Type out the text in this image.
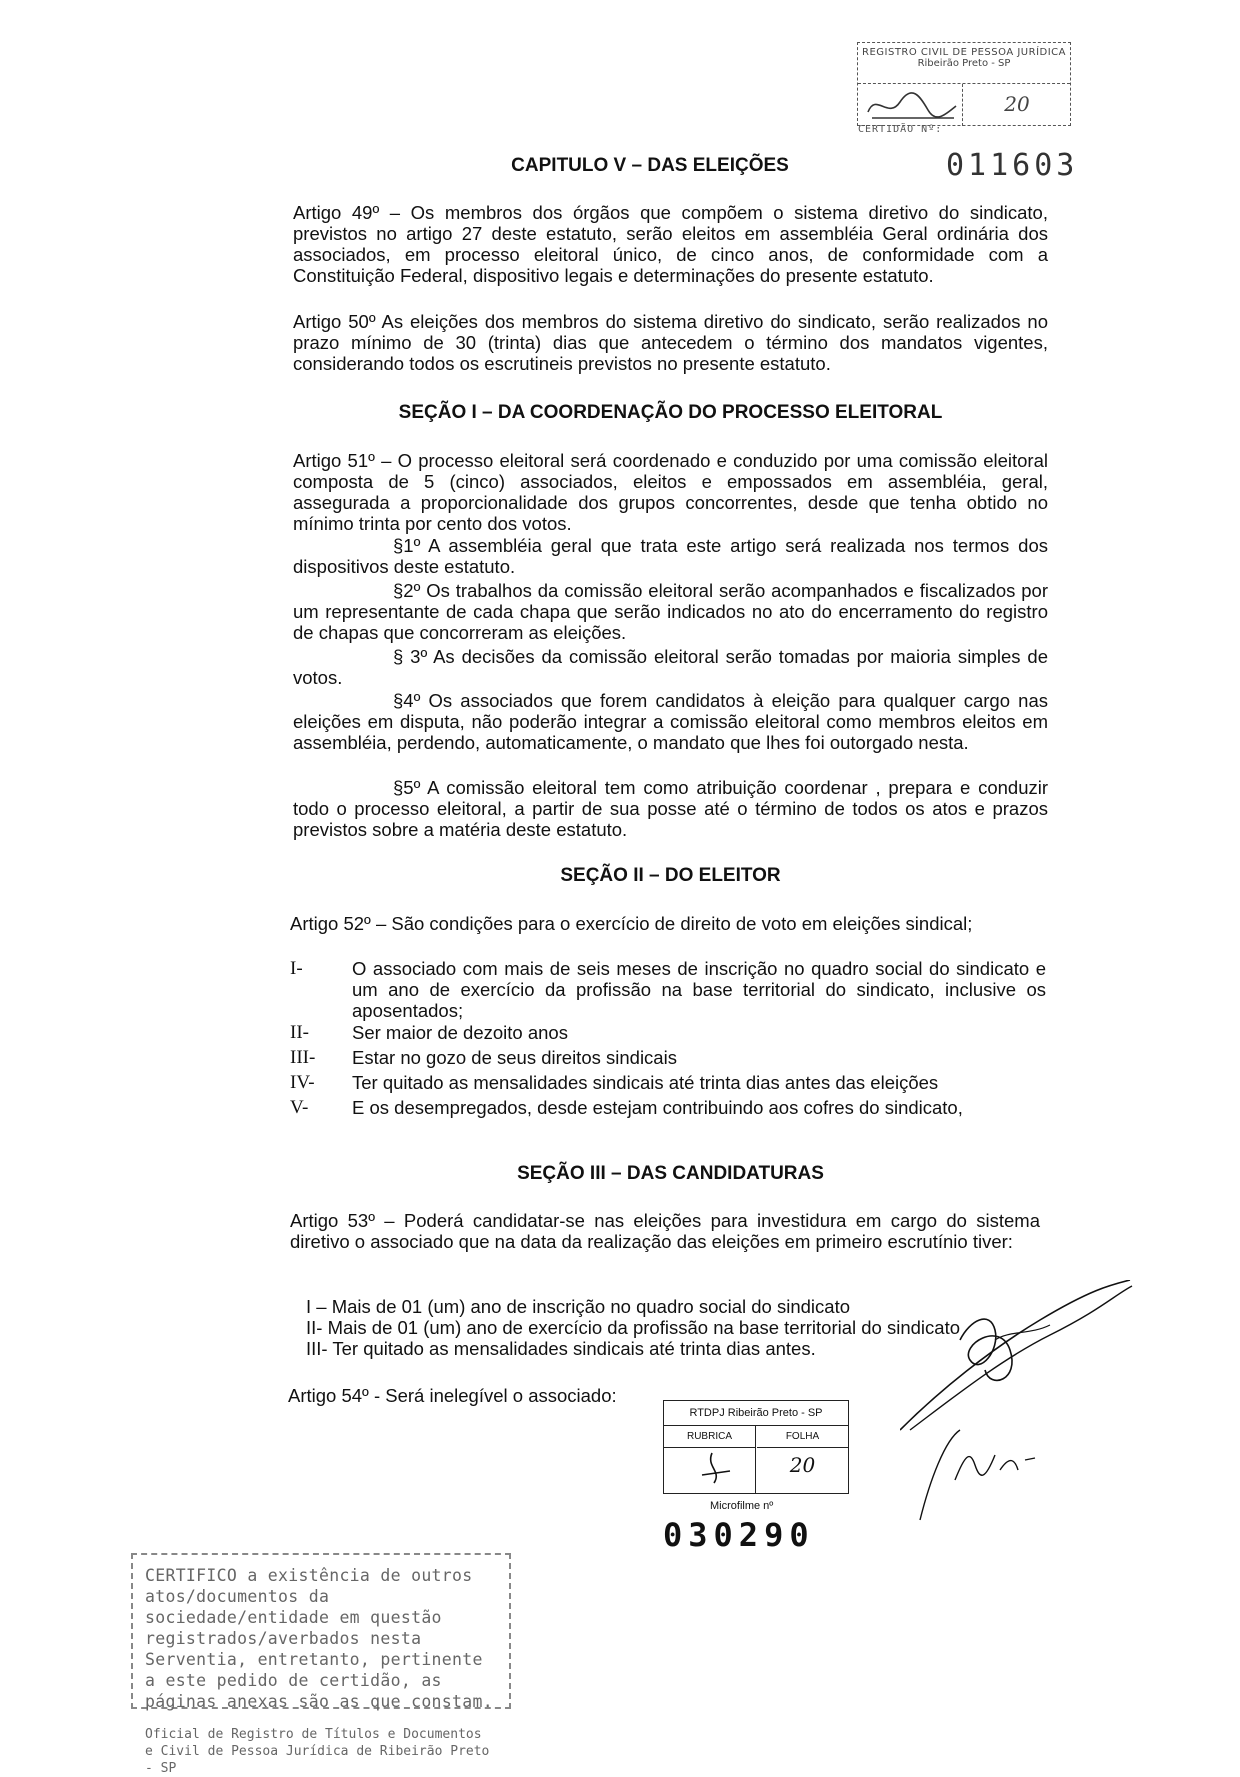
REGISTRO CIVIL DE PESSOA JURÍDICA
Ribeirão Preto - SP
20
CERTIDÃO Nº:
011603
CAPITULO V – DAS ELEIÇÕES
Artigo 49º – Os membros dos órgãos que compõem o sistema diretivo do sindicato, previstos no artigo 27 deste estatuto, serão eleitos em assembléia Geral ordinária dos associados, em processo eleitoral único, de cinco anos, de conformidade com a Constituição Federal, dispositivo legais e determinações do presente estatuto.
Artigo 50º As eleições dos membros do sistema diretivo do sindicato, serão realizados no prazo mínimo de 30 (trinta) dias que antecedem o término dos mandatos vigentes, considerando todos os escrutineis previstos no presente estatuto.
SEÇÃO I – DA COORDENAÇÃO DO PROCESSO ELEITORAL
Artigo 51º – O processo eleitoral será coordenado e conduzido por uma comissão eleitoral composta de 5 (cinco) associados, eleitos e empossados em assembléia, geral, assegurada a proporcionalidade dos grupos concorrentes, desde que tenha obtido no mínimo trinta por cento dos votos.
§1º A assembléia geral que trata este artigo será realizada nos termos dos dispositivos deste estatuto.
§2º Os trabalhos da comissão eleitoral serão acompanhados e fiscalizados por um representante de cada chapa que serão indicados no ato do encerramento do registro de chapas que concorreram as eleições.
§ 3º As decisões da comissão eleitoral serão tomadas por maioria simples de votos.
§4º Os associados que forem candidatos à eleição para qualquer cargo nas eleições em disputa, não poderão integrar a comissão eleitoral como membros eleitos em assembléia, perdendo, automaticamente, o mandato que lhes foi outorgado nesta.
§5º A comissão eleitoral tem como atribuição coordenar , prepara e conduzir todo o processo eleitoral, a partir de sua posse até o término de todos os atos e prazos previstos sobre a matéria deste estatuto.
SEÇÃO II – DO ELEITOR
Artigo 52º – São condições para o exercício de direito de voto em eleições sindical;
I-	O associado com mais de seis meses de inscrição no quadro social do sindicato e um ano de exercício da profissão na base territorial do sindicato, inclusive os aposentados;
II- Ser maior de dezoito anos
III- Estar no gozo de seus direitos sindicais
IV- Ter quitado as mensalidades sindicais até trinta dias antes das eleições
V- E os desempregados, desde estejam contribuindo aos cofres do sindicato,
SEÇÃO III – DAS CANDIDATURAS
Artigo 53º – Poderá candidatar-se nas eleições para investidura em cargo do sistema diretivo o associado que na data da realização das eleições em primeiro escrutínio tiver:
I – Mais de 01 (um) ano de inscrição no quadro social do sindicato
II- Mais de 01 (um) ano de exercício da profissão na base territorial do sindicato
III- Ter quitado as mensalidades sindicais até trinta dias antes.
Artigo 54º - Será inelegível o associado:
RTDPJ Ribeirão Preto - SP
RUBRICA	FOLHA
20
Microfilme nº
030290
CERTIFICO a existência de outros atos/documentos da sociedade/entidade em questão registrados/averbados nesta Serventia, entretanto, pertinente a este pedido de certidão, as páginas anexas são as que constam.
Oficial de Registro de Títulos e Documentos e Civil de Pessoa Jurídica de Ribeirão Preto - SP
